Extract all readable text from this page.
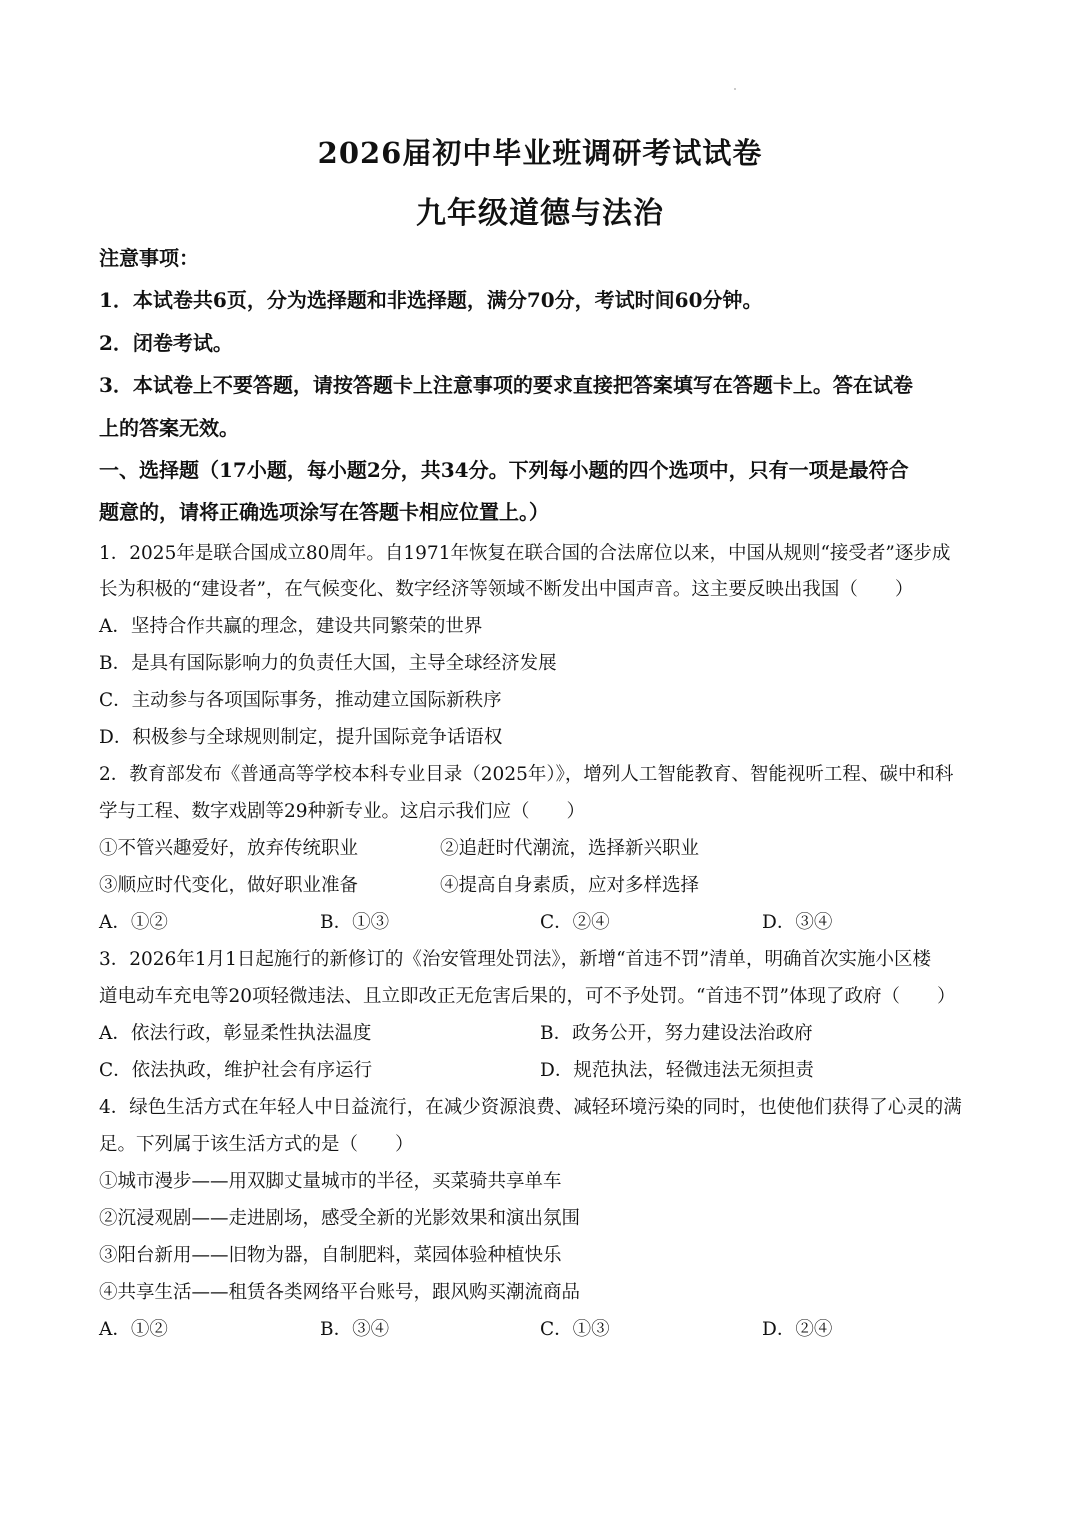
2026届初中毕业班调研考试试卷
九年级道德与法治
注意事项：
1．本试卷共6页，分为选择题和非选择题，满分70分，考试时间60分钟。
2．闭卷考试。
3．本试卷上不要答题，请按答题卡上注意事项的要求直接把答案填写在答题卡上。答在试卷
上的答案无效。
一、选择题（17小题，每小题2分，共34分。下列每小题的四个选项中，只有一项是最符合
题意的，请将正确选项涂写在答题卡相应位置上。）
1．2025年是联合国成立80周年。自1971年恢复在联合国的合法席位以来，中国从规则“接受者”逐步成
长为积极的“建设者”，在气候变化、数字经济等领域不断发出中国声音。这主要反映出我国（　　）
A．坚持合作共赢的理念，建设共同繁荣的世界
B．是具有国际影响力的负责任大国，主导全球经济发展
C．主动参与各项国际事务，推动建立国际新秩序
D．积极参与全球规则制定，提升国际竞争话语权
2．教育部发布《普通高等学校本科专业目录（2025年）》，增列人工智能教育、智能视听工程、碳中和科
学与工程、数字戏剧等29种新专业。这启示我们应（　　）
①不管兴趣爱好，放弃传统职业	②追赶时代潮流，选择新兴职业
③顺应时代变化，做好职业准备	④提高自身素质，应对多样选择
A．①②	B．①③	C．②④	D．③④
3．2026年1月1日起施行的新修订的《治安管理处罚法》，新增“首违不罚”清单，明确首次实施小区楼
道电动车充电等20项轻微违法、且立即改正无危害后果的，可不予处罚。“首违不罚”体现了政府（　　）
A．依法行政，彰显柔性执法温度	B．政务公开，努力建设法治政府
C．依法执政，维护社会有序运行	D．规范执法，轻微违法无须担责
4．绿色生活方式在年轻人中日益流行，在减少资源浪费、减轻环境污染的同时，也使他们获得了心灵的满
足。下列属于该生活方式的是（　　）
①城市漫步——用双脚丈量城市的半径，买菜骑共享单车
②沉浸观剧——走进剧场，感受全新的光影效果和演出氛围
③阳台新用——旧物为器，自制肥料，菜园体验种植快乐
④共享生活——租赁各类网络平台账号，跟风购买潮流商品
A．①②	B．③④	C．①③	D．②④
